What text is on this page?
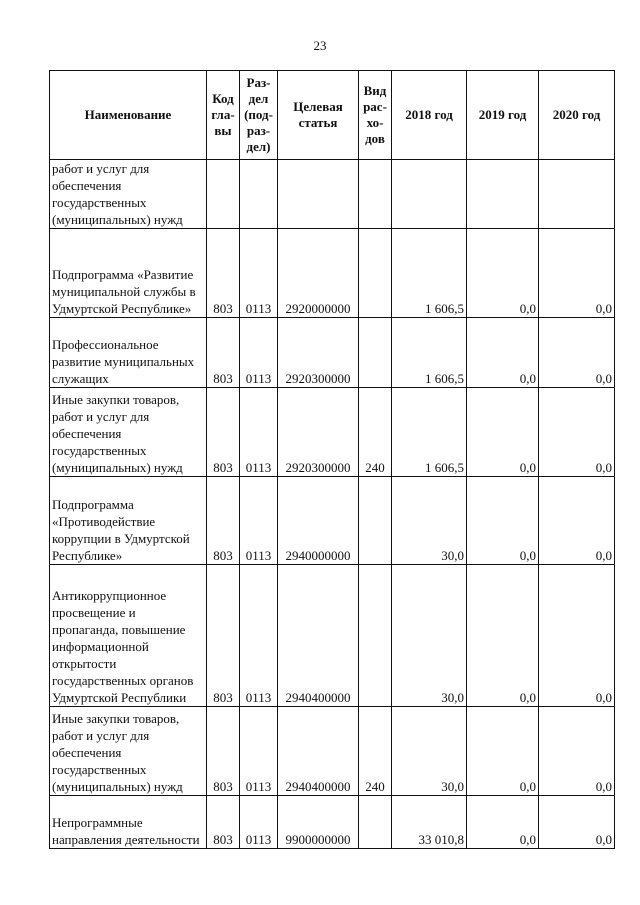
23
Наименование	Код гла-вы	Раз-дел (под-раз-дел)	Целевая статья	Вид рас-хо-дов	2018 год	2019 год	2020 год
работ и услуг для обеспечения государственных (муниципальных) нужд							
Подпрограмма «Развитие муниципальной службы в Удмуртской Республике»	803	0113	2920000000		1 606,5	0,0	0,0
Профессиональное развитие муниципальных служащих	803	0113	2920300000		1 606,5	0,0	0,0
Иные закупки товаров, работ и услуг для обеспечения государственных (муниципальных) нужд	803	0113	2920300000	240	1 606,5	0,0	0,0
Подпрограмма «Противодействие коррупции в Удмуртской Республике»	803	0113	2940000000		30,0	0,0	0,0
Антикоррупционное просвещение и пропаганда, повышение информационной открытости государственных органов Удмуртской Республики	803	0113	2940400000		30,0	0,0	0,0
Иные закупки товаров, работ и услуг для обеспечения государственных (муниципальных) нужд	803	0113	2940400000	240	30,0	0,0	0,0
Непрограммные направления деятельности	803	0113	9900000000		33 010,8	0,0	0,0
